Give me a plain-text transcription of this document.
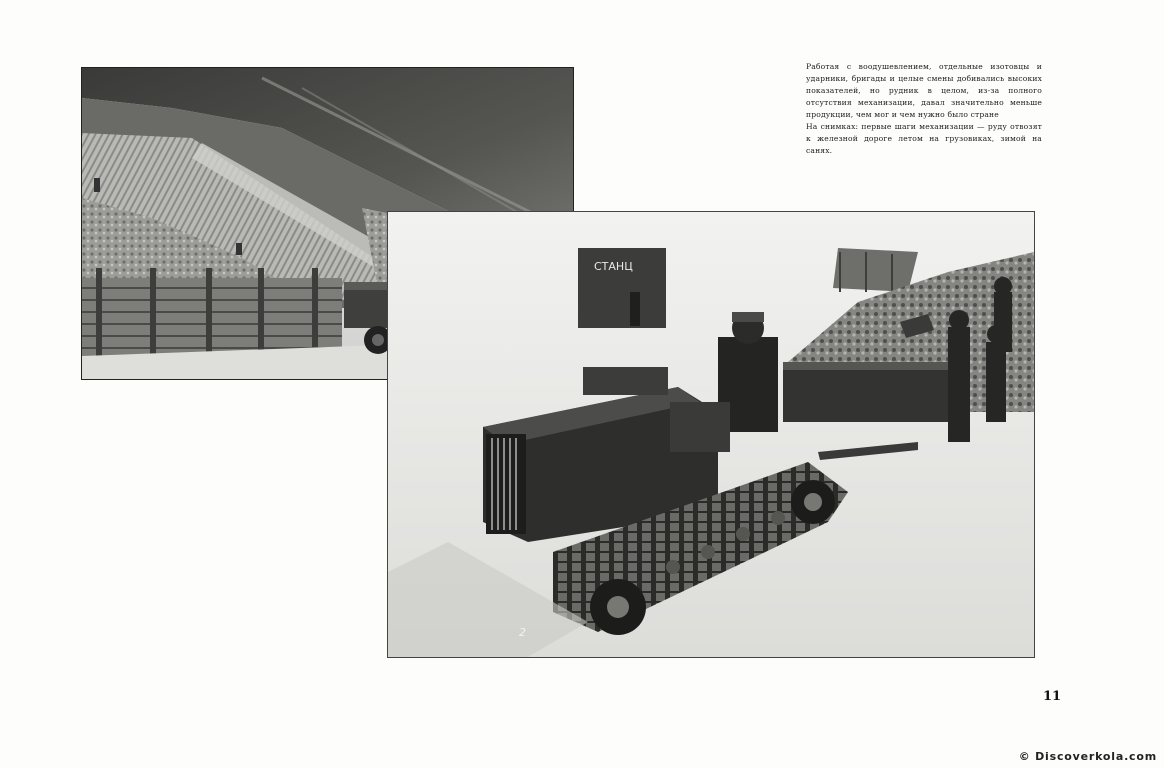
СТАНЦ
2

Работая с воодушевлением, отдельные изотовцы и ударники, бригады и целые смены добивались высоких показателей, но рудник в целом, из-за полного отсутствия механизации, давал значительно меньше продукции, чем мог и чем нужно было стране

На снимках: первые шаги механизации — руду отвозят к железной дороге летом на грузовиках, зимой на санях.

11
© Discoverkola.com
